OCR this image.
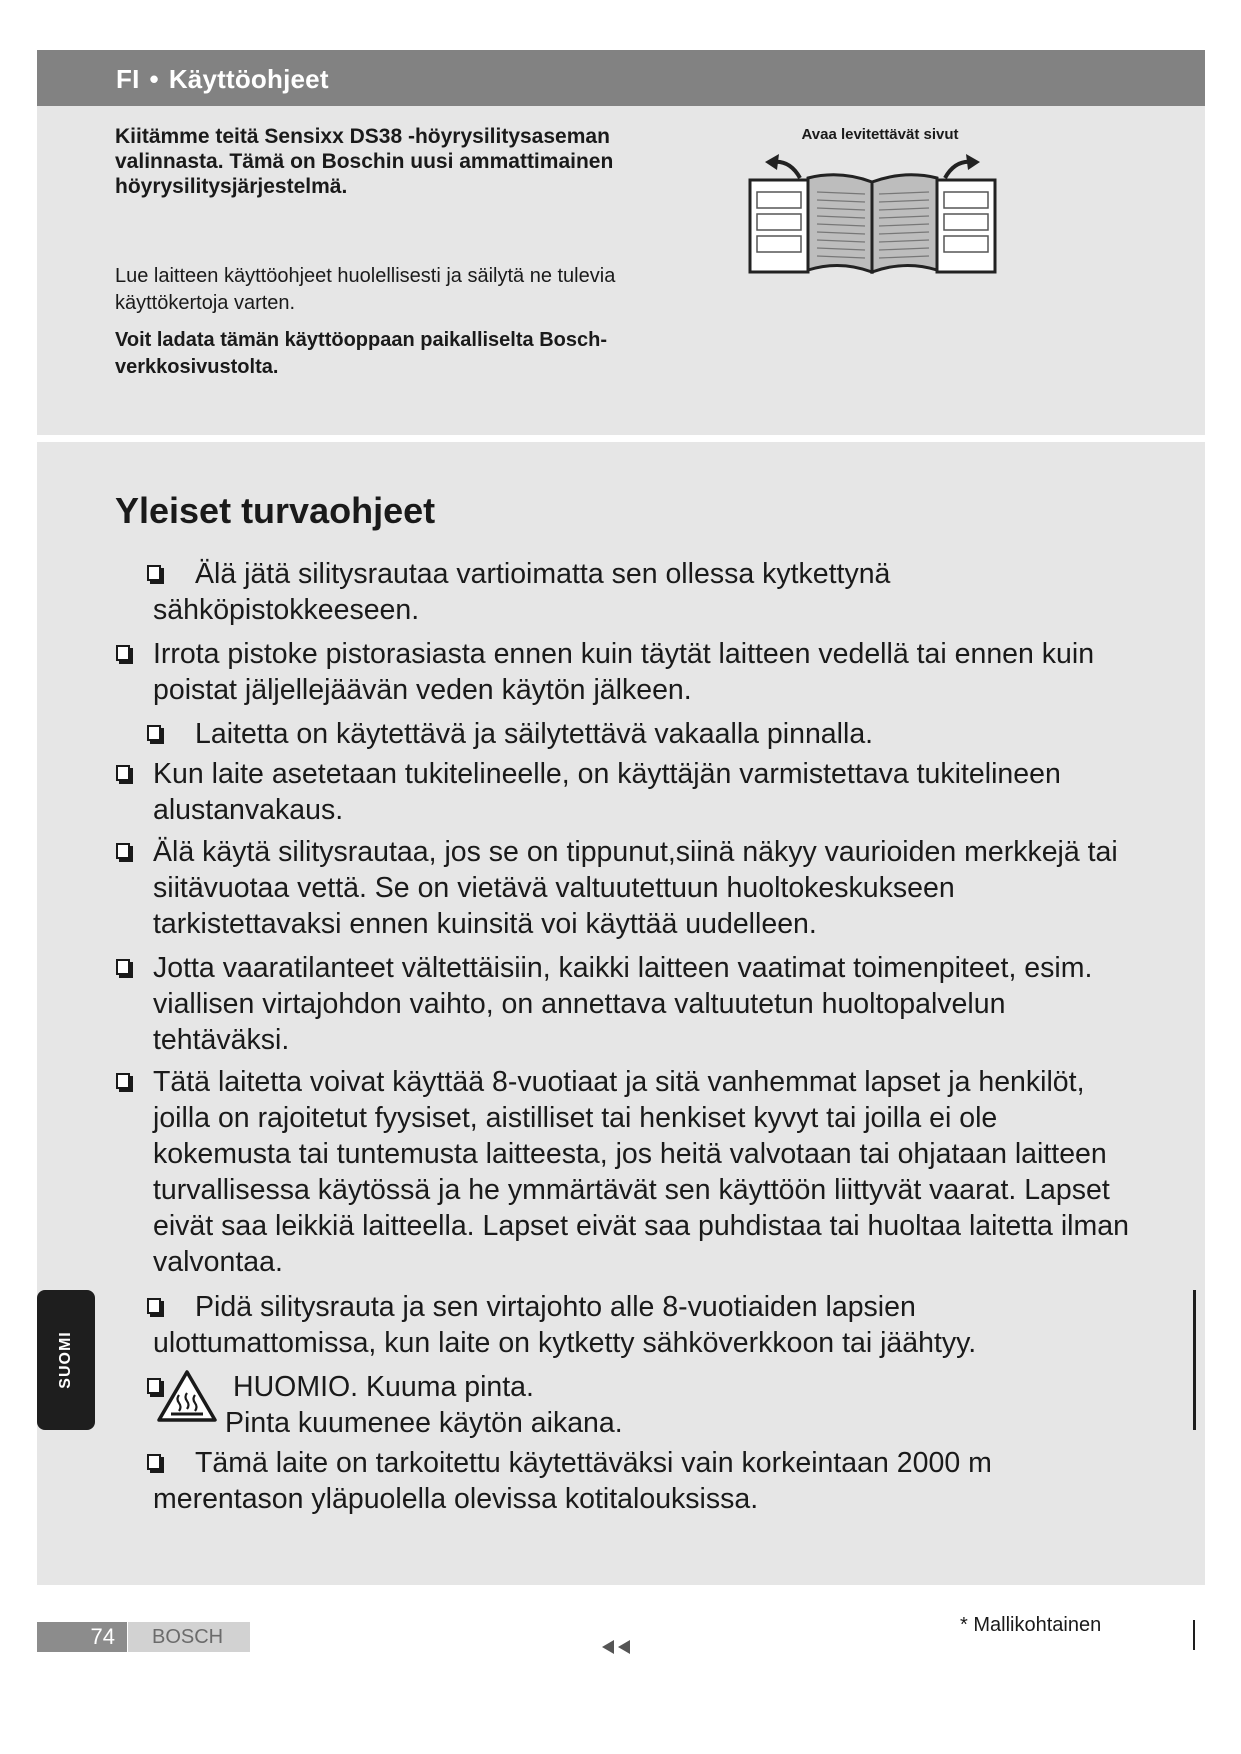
FI • Käyttöohjeet
Kiitämme teitä Sensixx DS38 -höyrysilitysaseman valinnasta. Tämä on Boschin uusi ammattimainen höyrysilitysjärjestelmä.
Lue laitteen käyttöohjeet huolellisesti ja säilytä ne tulevia käyttökertoja varten.
Voit ladata tämän käyttöoppaan paikalliselta Bosch-verkkosivustolta.
Avaa levitettävät sivut
Yleiset turvaohjeet
Älä jätä silitysrautaa vartioimatta sen ollessa kytkettynä sähköpistokkeeseen.
Irrota pistoke pistorasiasta ennen kuin täytät laitteen vedellä tai ennen kuin poistat jäljellejäävän veden käytön jälkeen.
Laitetta on käytettävä ja säilytettävä vakaalla pinnalla.
Kun laite asetetaan tukitelineelle, on käyttäjän varmistettava tukitelineen alustanvakaus.
Älä käytä silitysrautaa, jos se on tippunut,siinä näkyy vaurioiden merkkejä tai siitävuotaa vettä. Se on vietävä valtuutettuun huoltokeskukseen tarkistettavaksi ennen kuinsitä voi käyttää uudelleen.
Jotta vaaratilanteet vältettäisiin, kaikki laitteen vaatimat toimenpiteet, esim. viallisen virtajohdon vaihto, on annettava valtuutetun huoltopalvelun tehtäväksi.
Tätä laitetta voivat käyttää 8-vuotiaat ja sitä vanhemmat lapset ja henkilöt, joilla on rajoitetut fyysiset, aistilliset tai henkiset kyvyt tai joilla ei ole kokemusta tai tuntemusta laitteesta, jos heitä valvotaan tai ohjataan laitteen turvallisessa käytössä ja he ymmärtävät sen käyttöön liittyvät vaarat. Lapset eivät saa leikkiä laitteella. Lapset eivät saa puhdistaa tai huoltaa laitetta ilman valvontaa.
Pidä silitysrauta ja sen virtajohto alle 8-vuotiaiden lapsien ulottumattomissa, kun laite on kytketty sähköverkkoon tai jäähtyy.
HUOMIO. Kuuma pinta.
Pinta kuumenee käytön aikana.
Tämä laite on tarkoitettu käytettäväksi vain korkeintaan 2000 m merentason yläpuolella olevissa kotitalouksissa.
SUOMI
74	BOSCH
* Mallikohtainen
